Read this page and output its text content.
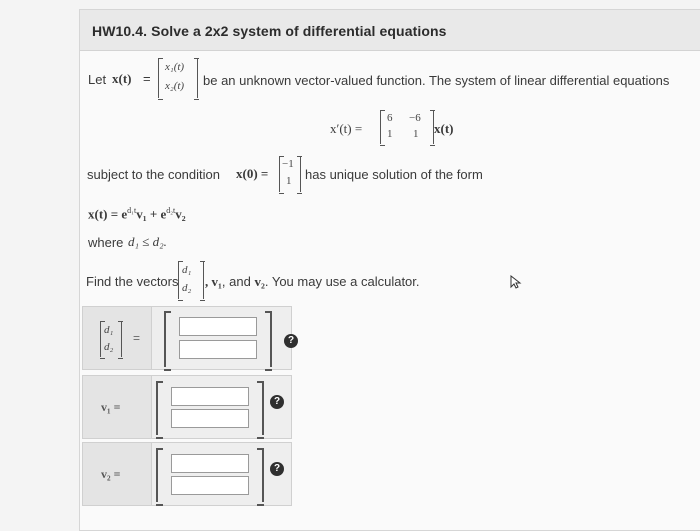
HW10.4. Solve a 2x2 system of differential equations
Let x(t) =
x₁(t)
x₂(t) be an unknown vector-valued function. The system of linear differential equations
x′(t) =
6 −6
1 1 x(t)
subject to the condition x(0) =
−1
1 has unique solution of the form
$x(t) = e^{d_1t}v_1 + e^{d_2t}v_2$
where d₁ ≤ d₂.
Find the vectors
d₁
d₂ , v₁, and v₂. You may use a calculator.
d₁
d₂
=
v₁ =
v₂ =
?
?
?
